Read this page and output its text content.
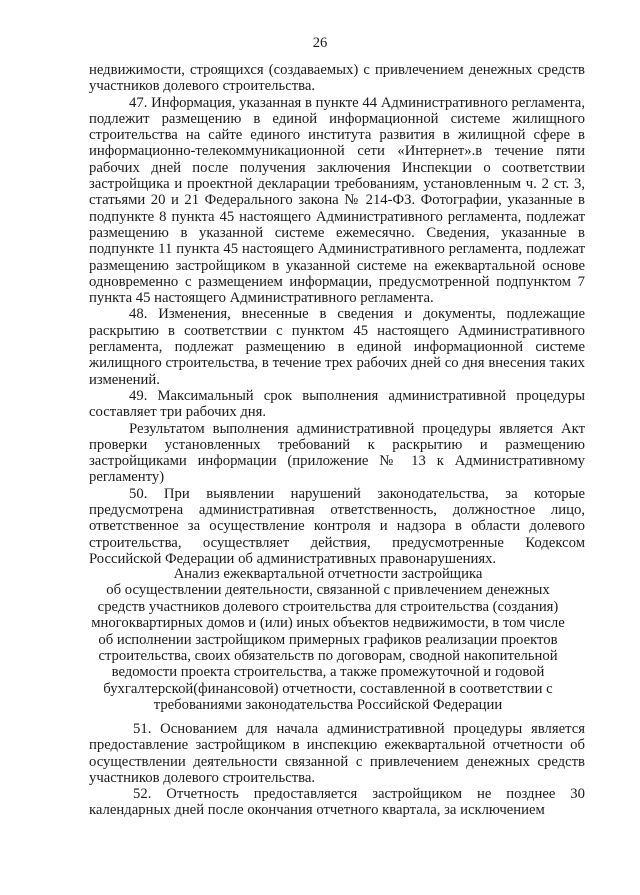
26

недвижимости, строящихся (создаваемых) с привлечением денежных средств участников долевого строительства.

47. Информация, указанная в пункте 44 Административного регламента, подлежит размещению в единой информационной системе жилищного строительства на сайте единого института развития в жилищной сфере в информационно-телекоммуникационной сети «Интернет».в течение пяти рабочих дней после получения заключения Инспекции о соответствии застройщика и проектной декларации требованиям, установленным ч. 2 ст. 3, статьями 20 и 21 Федерального закона № 214-ФЗ. Фотографии, указанные в подпункте 8 пункта 45 настоящего Административного регламента, подлежат размещению в указанной системе ежемесячно. Сведения, указанные в подпункте 11 пункта 45 настоящего Административного регламента, подлежат размещению застройщиком в указанной системе на ежеквартальной основе одновременно с размещением информации, предусмотренной подпунктом 7 пункта 45 настоящего Административного регламента.

48. Изменения, внесенные в сведения и документы, подлежащие раскрытию в соответствии с пунктом 45 настоящего Административного регламента, подлежат размещению в единой информационной системе жилищного строительства, в течение трех рабочих дней со дня внесения таких изменений.

49. Максимальный срок выполнения административной процедуры составляет три рабочих дня.

Результатом выполнения административной процедуры является Акт проверки установленных требований к раскрытию и размещению застройщиками информации (приложение № 13 к Административному регламенту)

50. При выявлении нарушений законодательства, за которые предусмотрена административная ответственность, должностное лицо, ответственное за осуществление контроля и надзора в области долевого строительства, осуществляет действия, предусмотренные Кодексом Российской Федерации об административных правонарушениях.

Анализ ежеквартальной отчетности застройщика

об осуществлении деятельности, связанной с привлечением денежных

средств участников долевого строительства для строительства (создания)

многоквартирных домов и (или) иных объектов недвижимости, в том числе

об исполнении застройщиком примерных графиков реализации проектов

строительства, своих обязательств по договорам, сводной накопительной

ведомости проекта строительства, а также промежуточной и годовой

бухгалтерской(финансовой) отчетности, составленной в соответствии с

требованиями законодательства Российской Федерации

51. Основанием для начала административной процедуры является предоставление застройщиком в инспекцию ежеквартальной отчетности об осуществлении деятельности связанной с привлечением денежных средств участников долевого строительства.

52. Отчетность предоставляется застройщиком не позднее 30 календарных дней после окончания отчетного квартала, за исключением
